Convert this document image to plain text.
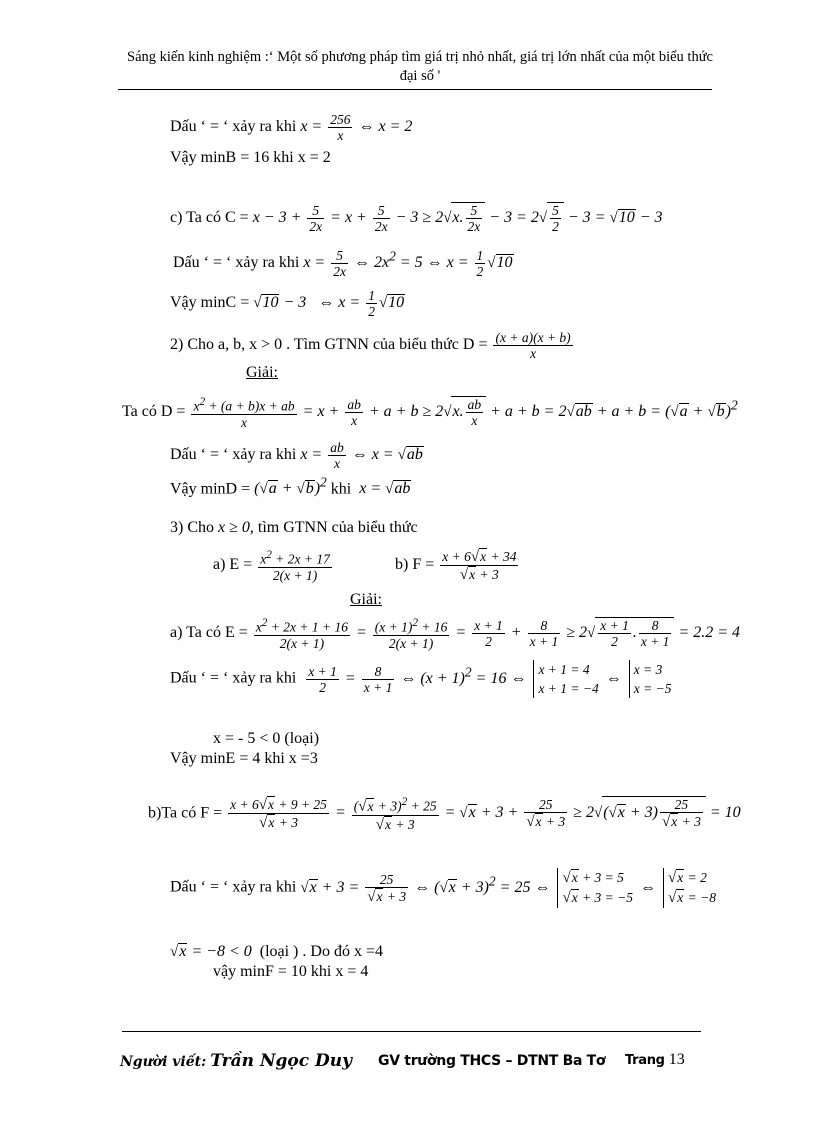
Sáng kiến kinh nghiệm :‘ Một số phương pháp tìm giá trị nhỏ nhất, giá trị lớn nhất của một biểu thức đại số '
Dấu ‘ = ‘ xảy ra khi $x = \frac{256}{x}$ ⇔ x = 2
Vậy minB = 16 khi x = 2
c) Ta có $C = x - 3 + \frac{5}{2x} = x + \frac{5}{2x} - 3 \ge 2√x$. $\frac{5}{2x} - 3 = 2√ \frac{5}{2} - 3 = √10 - 3$
Dấu ‘ = ‘ xảy ra khi $x = \frac{5}{2x}$ ⇔ $2x^2 = 5$ ⇔ $x = \frac{1}{2} √10$
Vậy minC = √10 − 3   ⇔ $x = \frac{1}{2} √10$
2) Cho a, b, x > 0 . Tìm GTNN của biểu thức $D = \frac{(x + a)(x + b)}{x}$
Giải:
Ta có $D = \frac{x^2 + (a + b)x + ab}{x} = x + \frac{ab}{x} + a + b \ge 2√x$. $\frac{ab}{x} + a + b = 2√ab + a + b = (√a + √b)^2$
Dấu ‘ = ‘ xảy ra khi $x = \frac{ab}{x}$ ⇔ x = √ab
Vậy $\min D = (√a + √b)^2$ khi  x = √ab
3) Cho x ≥ 0, tìm GTNN của biểu thức
a) $E = \frac{x^2 + 2x + 17}{2(x + 1)}$	b) $F = \frac{x + 6√x + 34}{√x + 3}$
Giải:
a) Ta có $E = \frac{x^2 + 2x + 1 + 16}{2(x + 1)} = \frac{(x + 1)^2 + 16}{2(x + 1)} = \frac{x + 1}{2} + \frac{8}{x + 1} \ge 2√ \frac{x + 1}{2}$ . $\frac{8}{x + 1} = 2.2 = 4$
Dấu ‘ = ‘ xảy ra khi $\frac{x + 1}{2} = \frac{8}{x + 1}$ ⇔ $(x + 1)^2 = 16$ ⇔ x + 1 = 4
x + 1 = −4 ⇔ x = 3
x = −5
x = - 5 < 0 (loại)
Vậy minE = 4 khi x =3
b)Ta có $F = \frac{x + 6√x + 9 + 25}{√x + 3} = \frac{(√x + 3)^2 + 25}{√x + 3} = √x + 3 + \frac{25}{√x + 3} \ge 2√(√x + 3) \frac{25}{√x + 3} = 10$
Dấu ‘ = ‘ xảy ra khi $√x + 3 = \frac{25}{√x + 3}$ ⇔ $(√x + 3)^2 = 25$ ⇔ √x + 3 = 5
√x + 3 = −5 ⇔ √x = 2
√x = −8
√x = −8 < 0  (loại ) . Do đó x =4
vậy minF = 10 khi x = 4
Người viết: Trần Ngọc Duy GV trường THCS – DTNT Ba Tơ Trang 13
